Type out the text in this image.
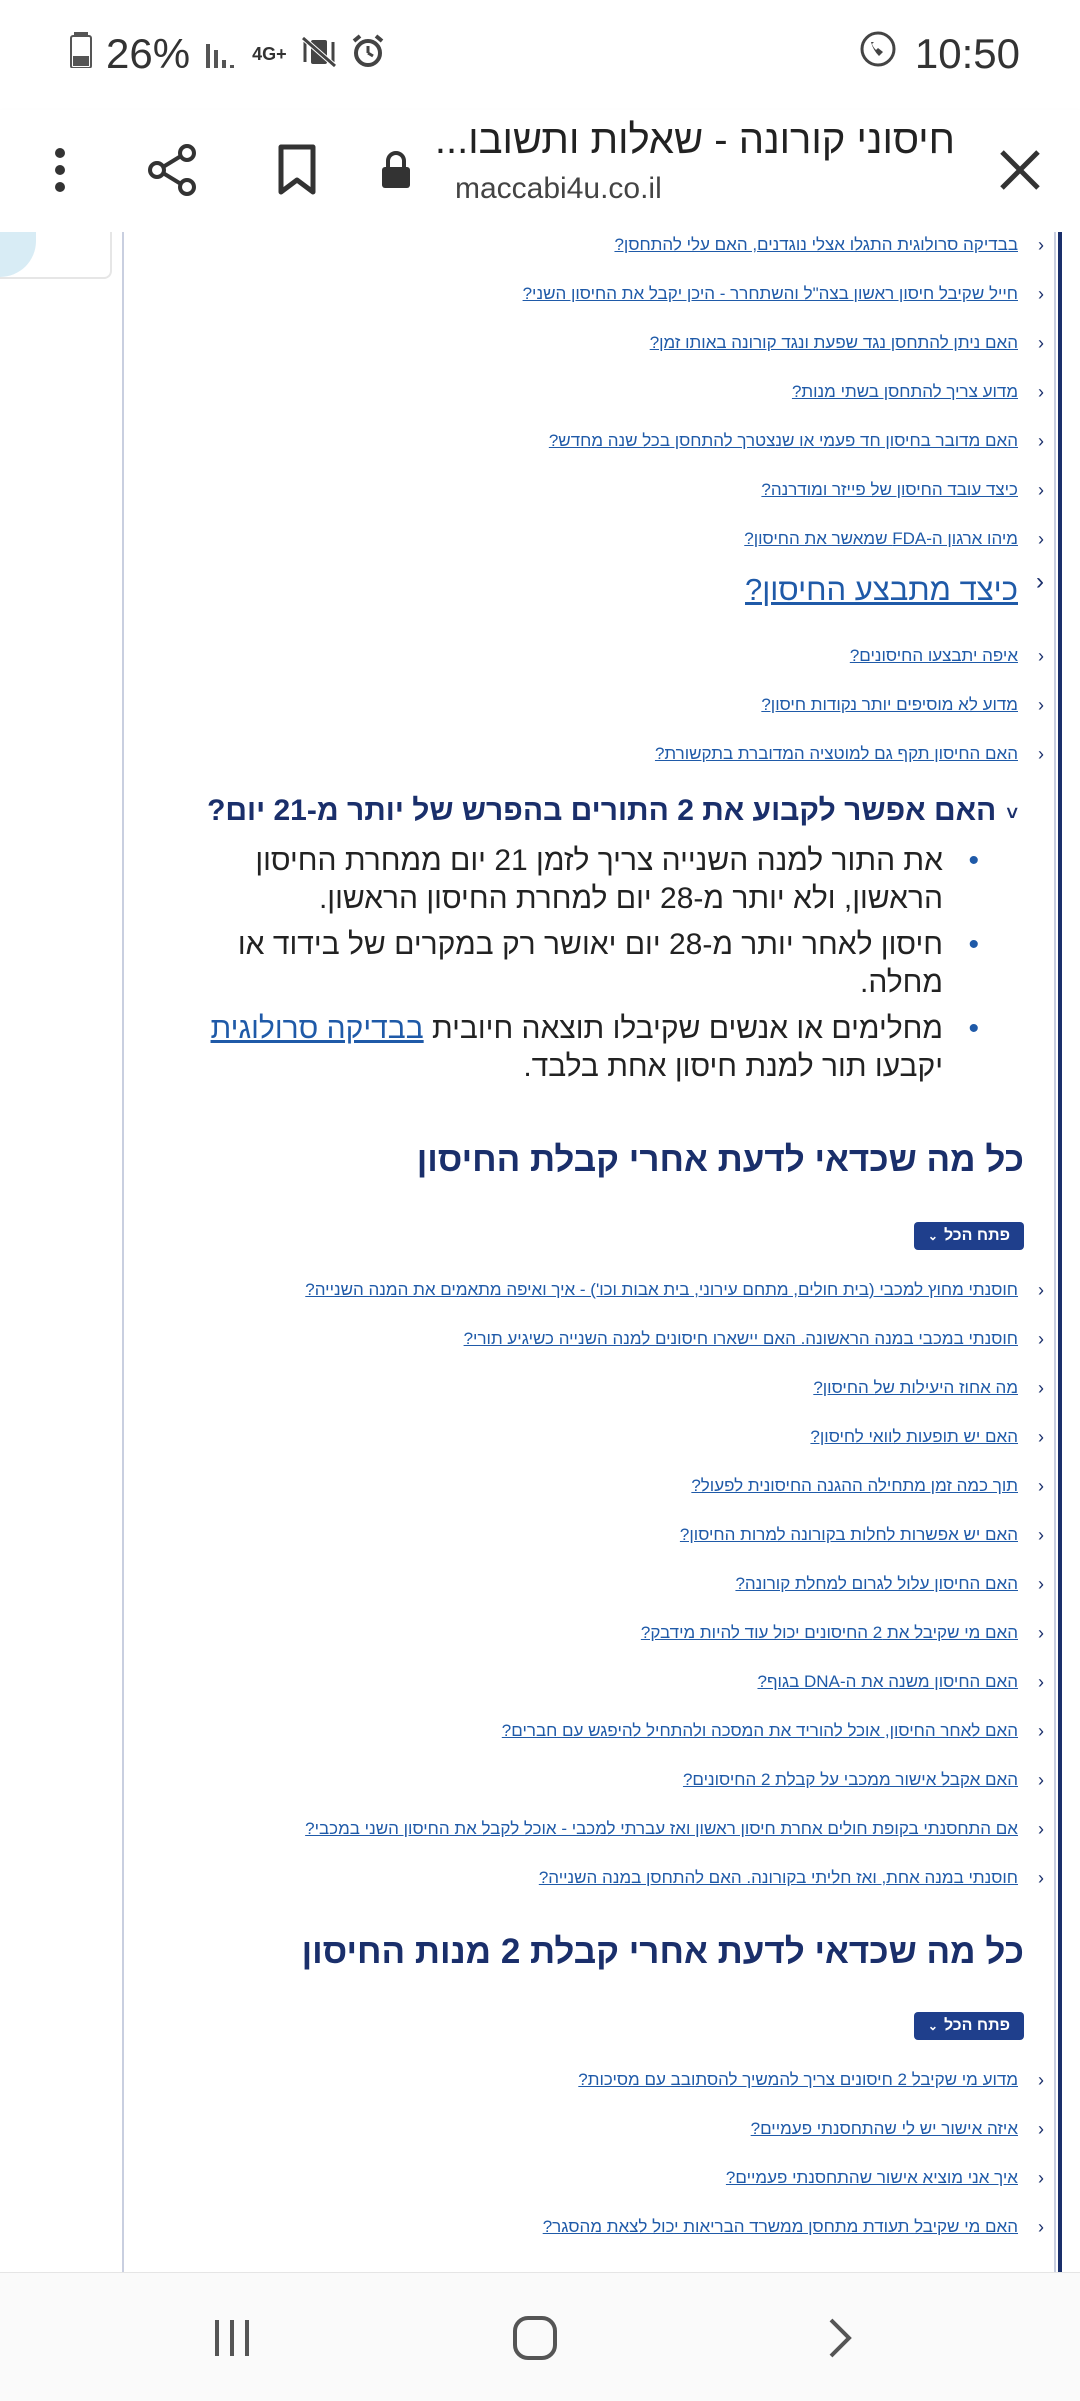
26%	4G+	10:50
חיסוני קורונה - שאלות ותשובו...
maccabi4u.co.il
‹
בבדיקה סרולוגית התגלו אצלי נוגדנים, האם עלי להתחסן?
‹
חייל שקיבל חיסון ראשון בצה"ל והשתחרר - היכן יקבל את החיסון השני?
‹
האם ניתן להתחסן נגד שפעת ונגד קורונה באותו זמן?
‹
מדוע צריך להתחסן בשתי מנות?
‹
האם מדובר בחיסון חד פעמי או שנצטרך להתחסן בכל שנה מחדש?
‹
כיצד עובד החיסון של פייזר ומודרנה?
‹
מיהו ארגון ה-FDA שמאשר את החיסון?
‹
כיצד מתבצע החיסון?
‹
איפה יתבצעו החיסונים?
‹
מדוע לא מוסיפים יותר נקודות חיסון?
‹
האם החיסון תקף גם למוטציה המדוברת בתקשורת?
˅האם אפשר לקבוע את 2 התורים בהפרש של יותר מ-21 יום?
• את התור למנה השנייה צריך לזמן 21 יום ממחרת החיסון הראשון, ולא יותר מ-28 יום למחרת החיסון הראשון.
• חיסון לאחר יותר מ-28 יום יאושר רק במקרים של בידוד או מחלה.
• מחלימים או אנשים שקיבלו תוצאה חיובית בבדיקה סרולוגית יקבעו תור למנת חיסון אחת בלבד.
כל מה שכדאי לדעת אחרי קבלת החיסון
פתח הכל
⌄
‹
חוסנתי מחוץ למכבי (בית חולים, מתחם עירוני, בית אבות וכו') - איך ואיפה מתאמים את המנה השנייה?
‹
חוסנתי במכבי במנה הראשונה. האם יישארו חיסונים למנה השנייה כשיגיע תורי?
‹
מה אחוז היעילות של החיסון?
‹
האם יש תופעות לוואי לחיסון?
‹
תוך כמה זמן מתחילה ההגנה החיסונית לפעול?
‹
האם יש אפשרות לחלות בקורונה למרות החיסון?
‹
האם החיסון עלול לגרום למחלת קורונה?
‹
האם מי שקיבל את 2 החיסונים יכול עוד להיות מידבק?
‹
האם החיסון משנה את ה-DNA בגוף?
‹
האם לאחר החיסון, אוכל להוריד את המסכה ולהתחיל להיפגש עם חברים?
‹
האם אקבל אישור ממכבי על קבלת 2 החיסונים?
‹
אם התחסנתי בקופת חולים אחרת חיסון ראשון ואז עברתי למכבי - אוכל לקבל את החיסון השני במכבי?
‹
חוסנתי במנה אחת, ואז חליתי בקורונה. האם להתחסן במנה השנייה?
כל מה שכדאי לדעת אחרי קבלת 2 מנות החיסון
פתח הכל
⌄
‹
מדוע מי שקיבל 2 חיסונים צריך להמשיך להסתובב עם מסיכות?
‹
איזה אישור יש לי שהתחסנתי פעמיים?
‹
איך אני מוציא אישור שהתחסנתי פעמיים?
‹
האם מי שקיבל תעודת מתחסן ממשרד הבריאות יכול לצאת מהסגר?
